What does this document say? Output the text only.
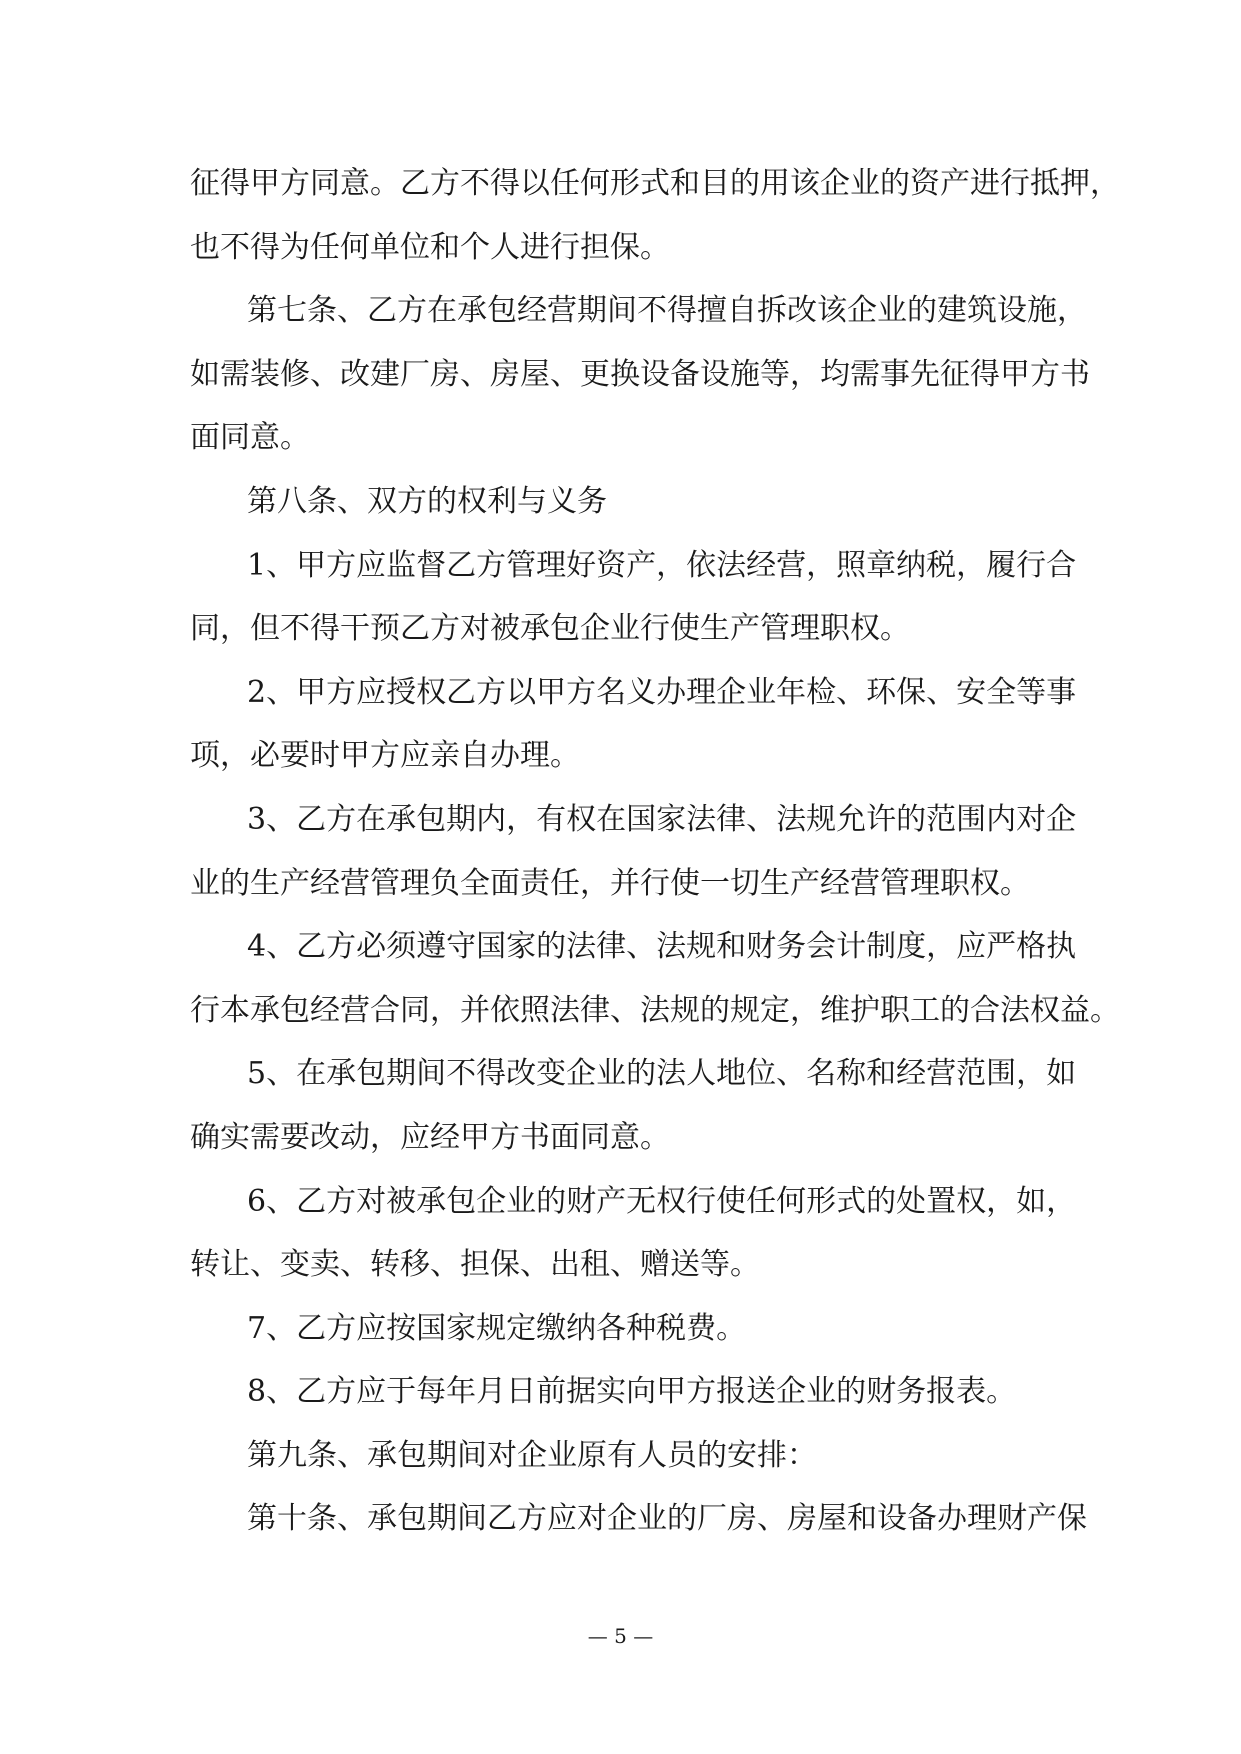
征得甲方同意。乙方不得以任何形式和目的用该企业的资产进行抵押，
也不得为任何单位和个人进行担保。
第七条、乙方在承包经营期间不得擅自拆改该企业的建筑设施，
如需装修、改建厂房、房屋、更换设备设施等，均需事先征得甲方书
面同意。
第八条、双方的权利与义务
1、甲方应监督乙方管理好资产，依法经营，照章纳税，履行合
同，但不得干预乙方对被承包企业行使生产管理职权。
2、甲方应授权乙方以甲方名义办理企业年检、环保、安全等事
项，必要时甲方应亲自办理。
3、乙方在承包期内，有权在国家法律、法规允许的范围内对企
业的生产经营管理负全面责任，并行使一切生产经营管理职权。
4、乙方必须遵守国家的法律、法规和财务会计制度，应严格执
行本承包经营合同，并依照法律、法规的规定，维护职工的合法权益。
5、在承包期间不得改变企业的法人地位、名称和经营范围，如
确实需要改动，应经甲方书面同意。
6、乙方对被承包企业的财产无权行使任何形式的处置权，如，
转让、变卖、转移、担保、出租、赠送等。
7、乙方应按国家规定缴纳各种税费。
8、乙方应于每年月日前据实向甲方报送企业的财务报表。
第九条、承包期间对企业原有人员的安排：
第十条、承包期间乙方应对企业的厂房、房屋和设备办理财产保
— 5 —
